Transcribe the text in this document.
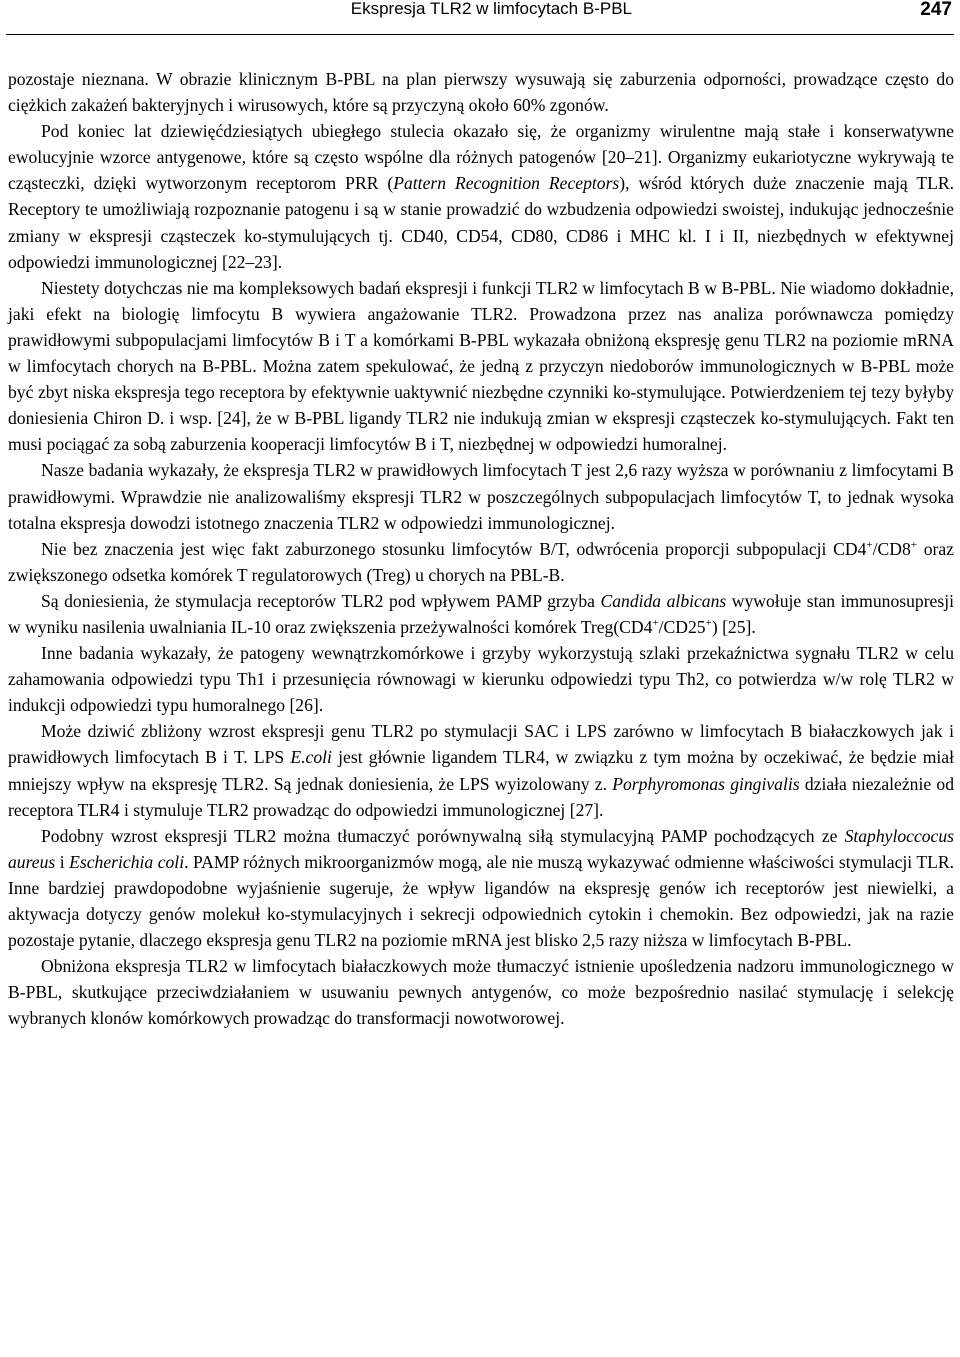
Ekspresja TLR2 w limfocytach B-PBL	247

pozostaje nieznana. W obrazie klinicznym B-PBL na plan pierwszy wysuwają się zaburzenia odporności, prowadzące często do ciężkich zakażeń bakteryjnych i wirusowych, które są przyczyną około 60% zgonów.

Pod koniec lat dziewięćdziesiątych ubiegłego stulecia okazało się, że organizmy wirulentne mają stałe i konserwatywne ewolucyjnie wzorce antygenowe, które są często wspólne dla różnych patogenów [20–21]. Organizmy eukariotyczne wykrywają te cząsteczki, dzięki wytworzonym receptorom PRR (Pattern Recognition Receptors), wśród których duże znaczenie mają TLR. Receptory te umożliwiają rozpoznanie patogenu i są w stanie prowadzić do wzbudzenia odpowiedzi swoistej, indukując jednocześnie zmiany w ekspresji cząsteczek ko-stymulujących tj. CD40, CD54, CD80, CD86 i MHC kl. I i II, niezbędnych w efektywnej odpowiedzi immunologicznej [22–23].

Niestety dotychczas nie ma kompleksowych badań ekspresji i funkcji TLR2 w limfocytach B w B-PBL. Nie wiadomo dokładnie, jaki efekt na biologię limfocytu B wywiera angażowanie TLR2. Prowadzona przez nas analiza porównawcza pomiędzy prawidłowymi subpopulacjami limfocytów B i T a komórkami B-PBL wykazała obniżoną ekspresję genu TLR2 na poziomie mRNA w limfocytach chorych na B-PBL. Można zatem spekulować, że jedną z przyczyn niedoborów immunologicznych w B-PBL może być zbyt niska ekspresja tego receptora by efektywnie uaktywnić niezbędne czynniki ko-stymulujące. Potwierdzeniem tej tezy byłyby doniesienia Chiron D. i wsp. [24], że w B-PBL ligandy TLR2 nie indukują zmian w ekspresji cząsteczek ko-stymulujących. Fakt ten musi pociągać za sobą zaburzenia kooperacji limfocytów B i T, niezbędnej w odpowiedzi humoralnej.

Nasze badania wykazały, że ekspresja TLR2 w prawidłowych limfocytach T jest 2,6 razy wyższa w porównaniu z limfocytami B prawidłowymi. Wprawdzie nie analizowaliśmy ekspresji TLR2 w poszczególnych subpopulacjach limfocytów T, to jednak wysoka totalna ekspresja dowodzi istotnego znaczenia TLR2 w odpowiedzi immunologicznej.

Nie bez znaczenia jest więc fakt zaburzonego stosunku limfocytów B/T, odwrócenia proporcji subpopulacji CD4+/CD8+ oraz zwiększonego odsetka komórek T regulatorowych (Treg) u chorych na PBL-B.

Są doniesienia, że stymulacja receptorów TLR2 pod wpływem PAMP grzyba Candida albicans wywołuje stan immunosupresji w wyniku nasilenia uwalniania IL-10 oraz zwiększenia przeżywalności komórek Treg(CD4+/CD25+) [25].

Inne badania wykazały, że patogeny wewnątrzkomórkowe i grzyby wykorzystują szlaki przekaźnictwa sygnału TLR2 w celu zahamowania odpowiedzi typu Th1 i przesunięcia równowagi w kierunku odpowiedzi typu Th2, co potwierdza w/w rolę TLR2 w indukcji odpowiedzi typu humoralnego [26].

Może dziwić zbliżony wzrost ekspresji genu TLR2 po stymulacji SAC i LPS zarówno w limfocytach B białaczkowych jak i prawidłowych limfocytach B i T. LPS E.coli jest głównie ligandem TLR4, w związku z tym można by oczekiwać, że będzie miał mniejszy wpływ na ekspresję TLR2. Są jednak doniesienia, że LPS wyizolowany z. Porphyromonas gingivalis działa niezależnie od receptora TLR4 i stymuluje TLR2 prowadząc do odpowiedzi immunologicznej [27].

Podobny wzrost ekspresji TLR2 można tłumaczyć porównywalną siłą stymulacyjną PAMP pochodzących ze Staphyloccocus aureus i Escherichia coli. PAMP różnych mikroorganizmów mogą, ale nie muszą wykazywać odmienne właściwości stymulacji TLR. Inne bardziej prawdopodobne wyjaśnienie sugeruje, że wpływ ligandów na ekspresję genów ich receptorów jest niewielki, a aktywacja dotyczy genów molekuł ko-stymulacyjnych i sekrecji odpowiednich cytokin i chemokin. Bez odpowiedzi, jak na razie pozostaje pytanie, dlaczego ekspresja genu TLR2 na poziomie mRNA jest blisko 2,5 razy niższa w limfocytach B-PBL.

Obniżona ekspresja TLR2 w limfocytach białaczkowych może tłumaczyć istnienie upośledzenia nadzoru immunologicznego w B-PBL, skutkujące przeciwdziałaniem w usuwaniu pewnych antygenów, co może bezpośrednio nasilać stymulację i selekcję wybranych klonów komórkowych prowadząc do transformacji nowotworowej.
